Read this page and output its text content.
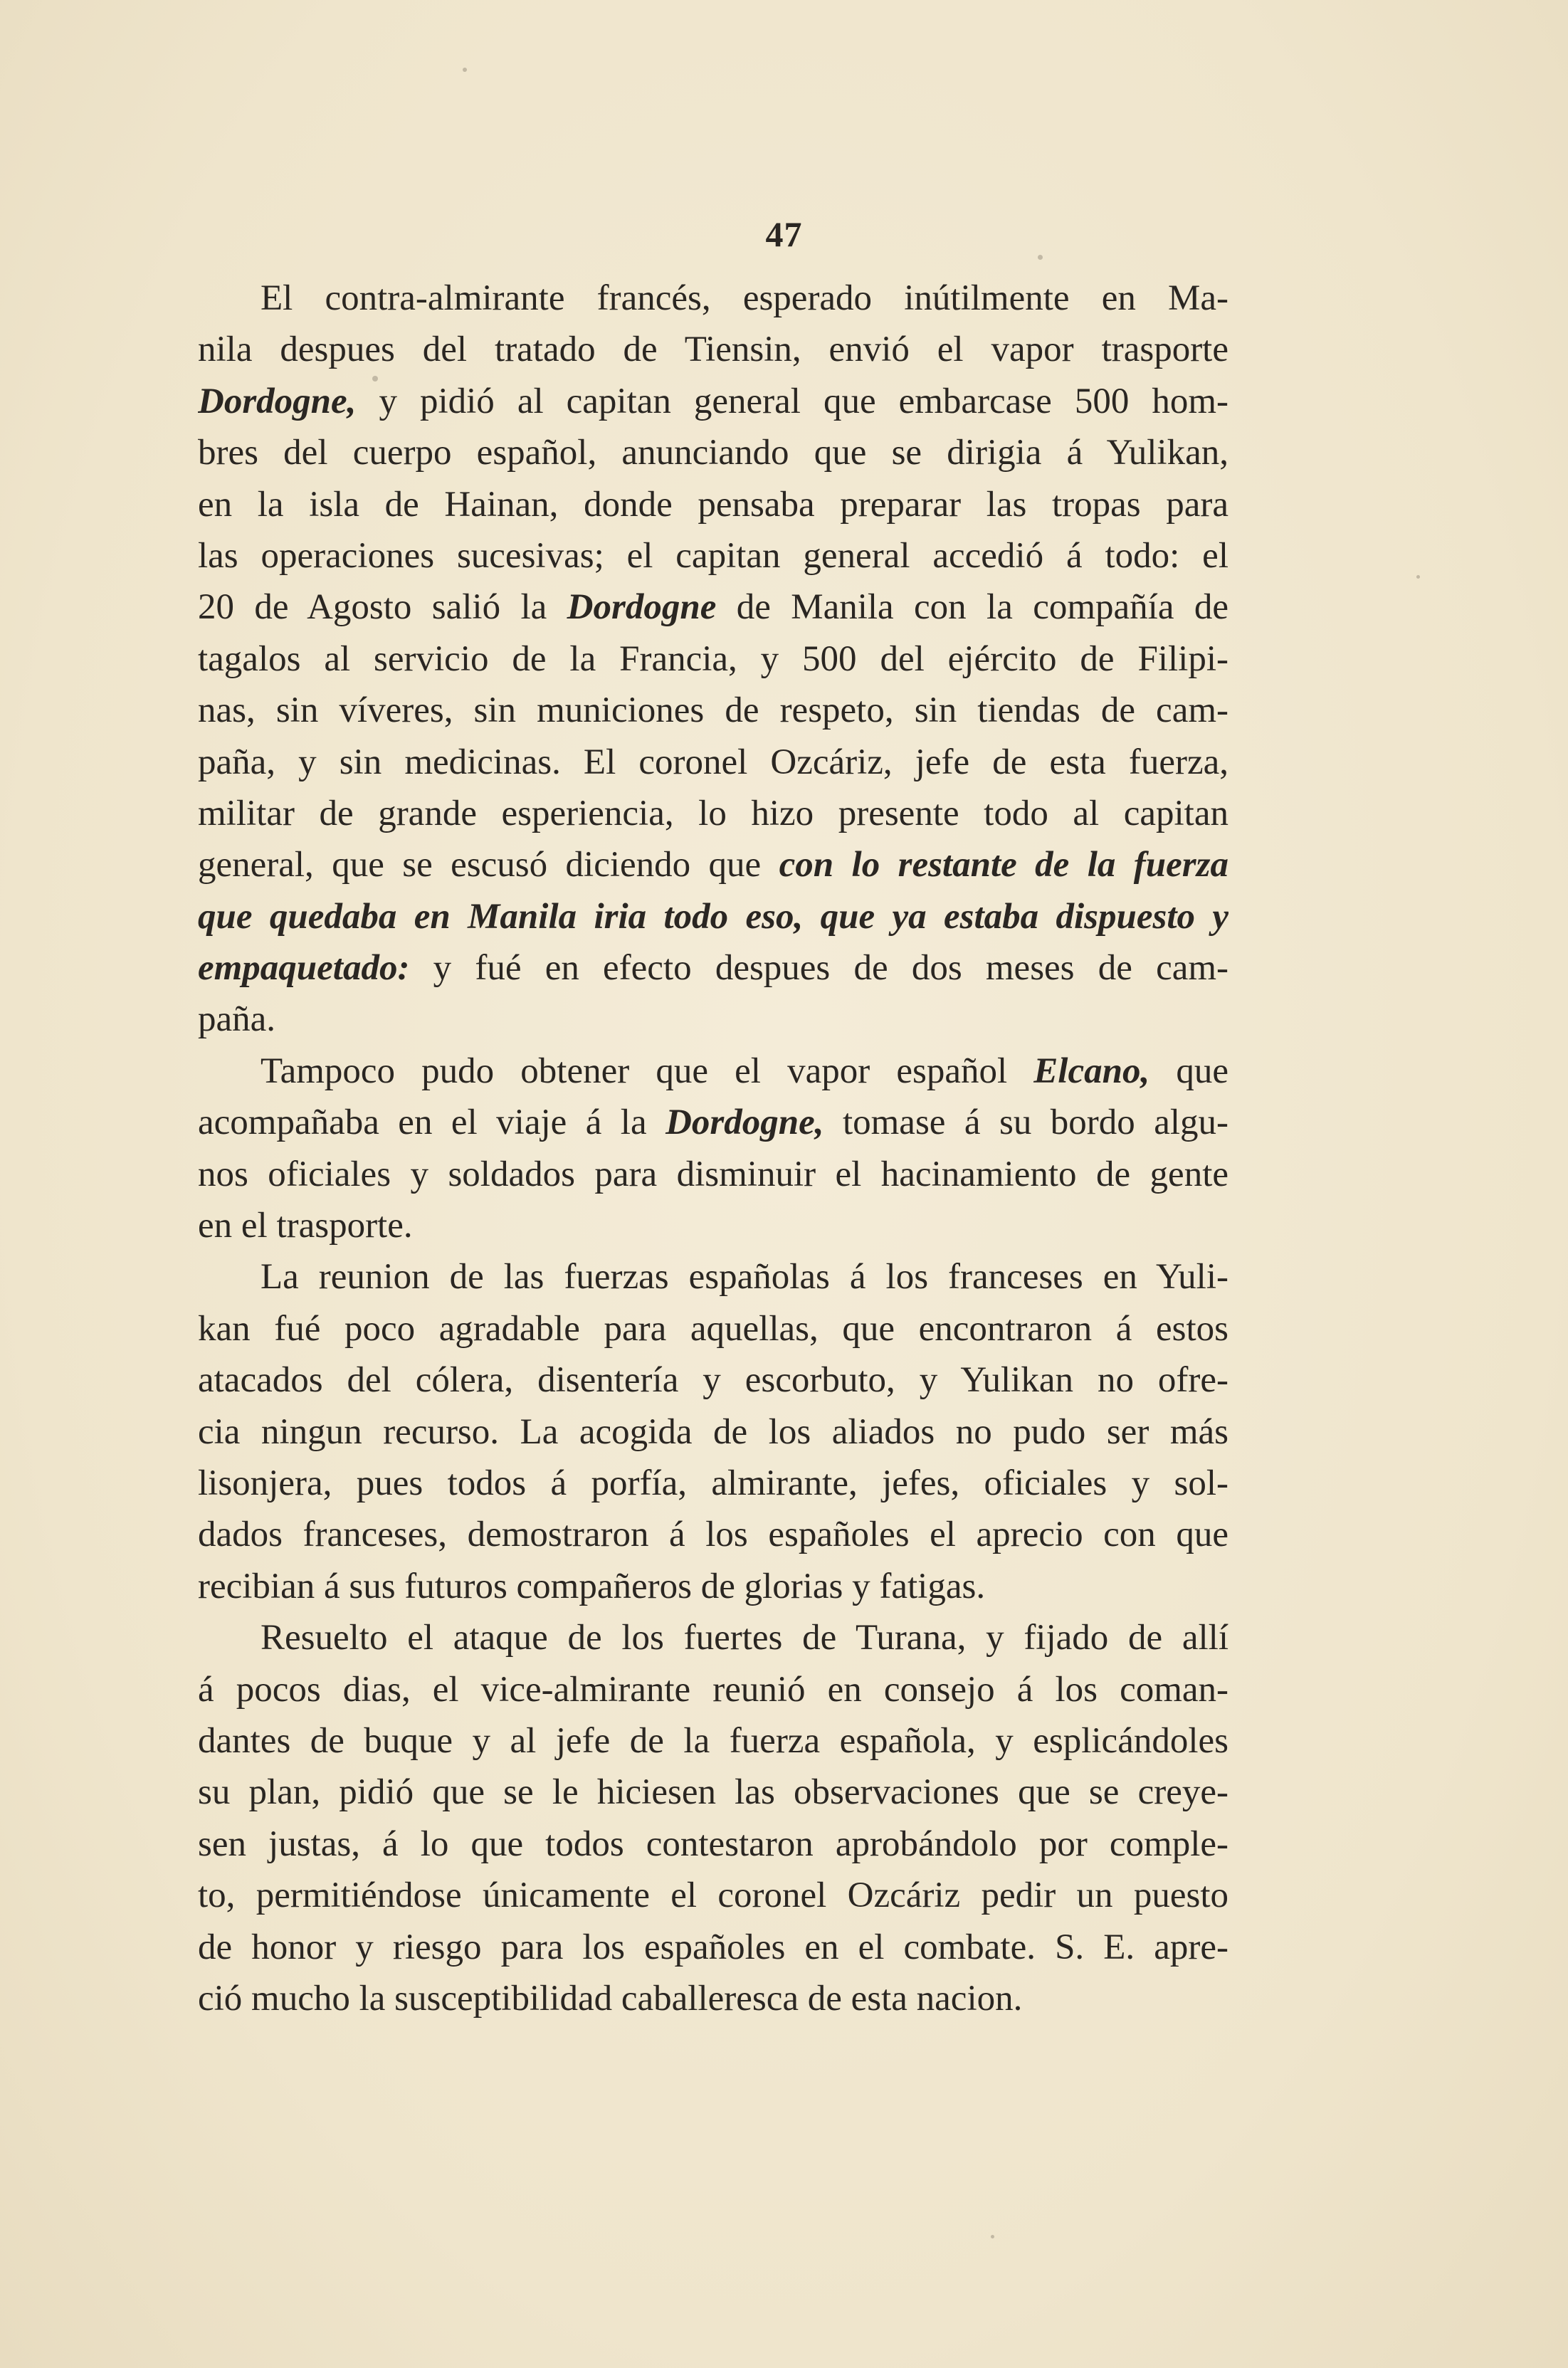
47
El contra-almirante francés, esperado inútilmente en Ma-
nila despues del tratado de Tiensin, envió el vapor trasporte
Dordogne, y pidió al capitan general que embarcase 500 hom-
bres del cuerpo español, anunciando que se dirigia á Yulikan,
en la isla de Hainan, donde pensaba preparar las tropas para
las operaciones sucesivas; el capitan general accedió á todo: el
20 de Agosto salió la Dordogne de Manila con la compañía de
tagalos al servicio de la Francia, y 500 del ejército de Filipi-
nas, sin víveres, sin municiones de respeto, sin tiendas de cam-
paña, y sin medicinas. El coronel Ozcáriz, jefe de esta fuerza,
militar de grande esperiencia, lo hizo presente todo al capitan
general, que se escusó diciendo que con lo restante de la fuerza
que quedaba en Manila iria todo eso, que ya estaba dispuesto y
empaquetado: y fué en efecto despues de dos meses de cam-
paña.
Tampoco pudo obtener que el vapor español Elcano, que
acompañaba en el viaje á la Dordogne, tomase á su bordo algu-
nos oficiales y soldados para disminuir el hacinamiento de gente
en el trasporte.
La reunion de las fuerzas españolas á los franceses en Yuli-
kan fué poco agradable para aquellas, que encontraron á estos
atacados del cólera, disentería y escorbuto, y Yulikan no ofre-
cia ningun recurso. La acogida de los aliados no pudo ser más
lisonjera, pues todos á porfía, almirante, jefes, oficiales y sol-
dados franceses, demostraron á los españoles el aprecio con que
recibian á sus futuros compañeros de glorias y fatigas.
Resuelto el ataque de los fuertes de Turana, y fijado de allí
á pocos dias, el vice-almirante reunió en consejo á los coman-
dantes de buque y al jefe de la fuerza española, y esplicándoles
su plan, pidió que se le hiciesen las observaciones que se creye-
sen justas, á lo que todos contestaron aprobándolo por comple-
to, permitiéndose únicamente el coronel Ozcáriz pedir un puesto
de honor y riesgo para los españoles en el combate. S. E. apre-
ció mucho la susceptibilidad caballeresca de esta nacion.
